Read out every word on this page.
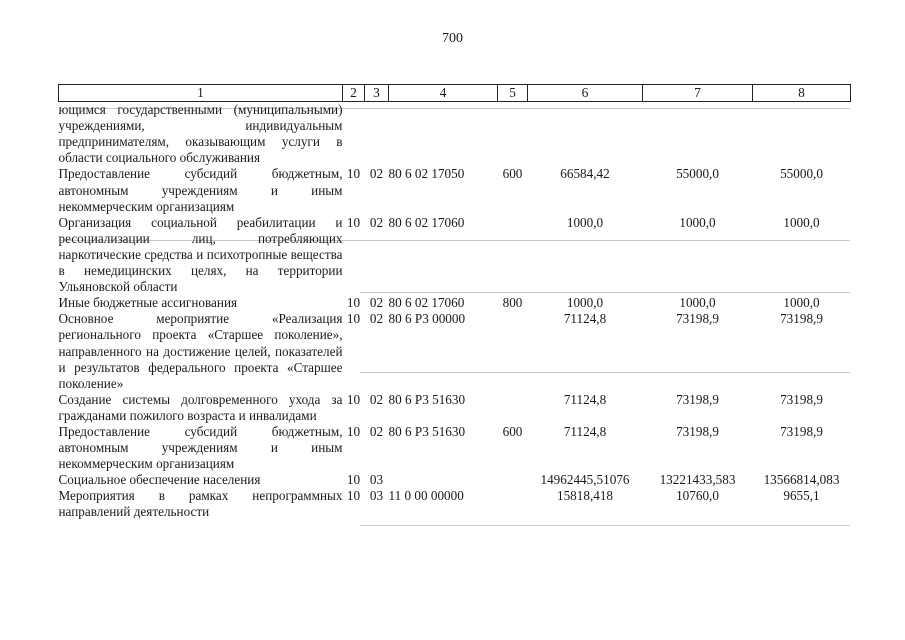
700
1	2	3	4	5	6	7	8
ющимся государственными (муниципальными) учреждениями, индивидуальным предпринимателям, оказывающим услуги в области социального обслуживания							
Предоставление субсидий бюджетным, автономным учреждениям и иным некоммерческим организациям	10	02	80 6 02 17050	600	66584,42	55000,0	55000,0
Организация социальной реабилитации и ресоциализации лиц, потребляющих наркотические средства и психотропные вещества в немедицинских целях, на территории Ульяновской области	10	02	80 6 02 17060		1000,0	1000,0	1000,0
Иные бюджетные ассигнования	10	02	80 6 02 17060	800	1000,0	1000,0	1000,0
Основное мероприятие «Реализация регионального проекта «Старшее поколение», направленного на достижение целей, показателей и результатов федерального проекта «Старшее поколение»	10	02	80 6 Р3 00000		71124,8	73198,9	73198,9
Создание системы долговременного ухода за гражданами пожилого возраста и инвалидами	10	02	80 6 Р3 51630		71124,8	73198,9	73198,9
Предоставление субсидий бюджетным, автономным учреждениям и иным некоммерческим организациям	10	02	80 6 Р3 51630	600	71124,8	73198,9	73198,9
Социальное обеспечение населения	10	03			14962445,51076	13221433,583	13566814,083
Мероприятия в рамках непрограммных направлений деятельности	10	03	11 0 00 00000		15818,418	10760,0	9655,1
